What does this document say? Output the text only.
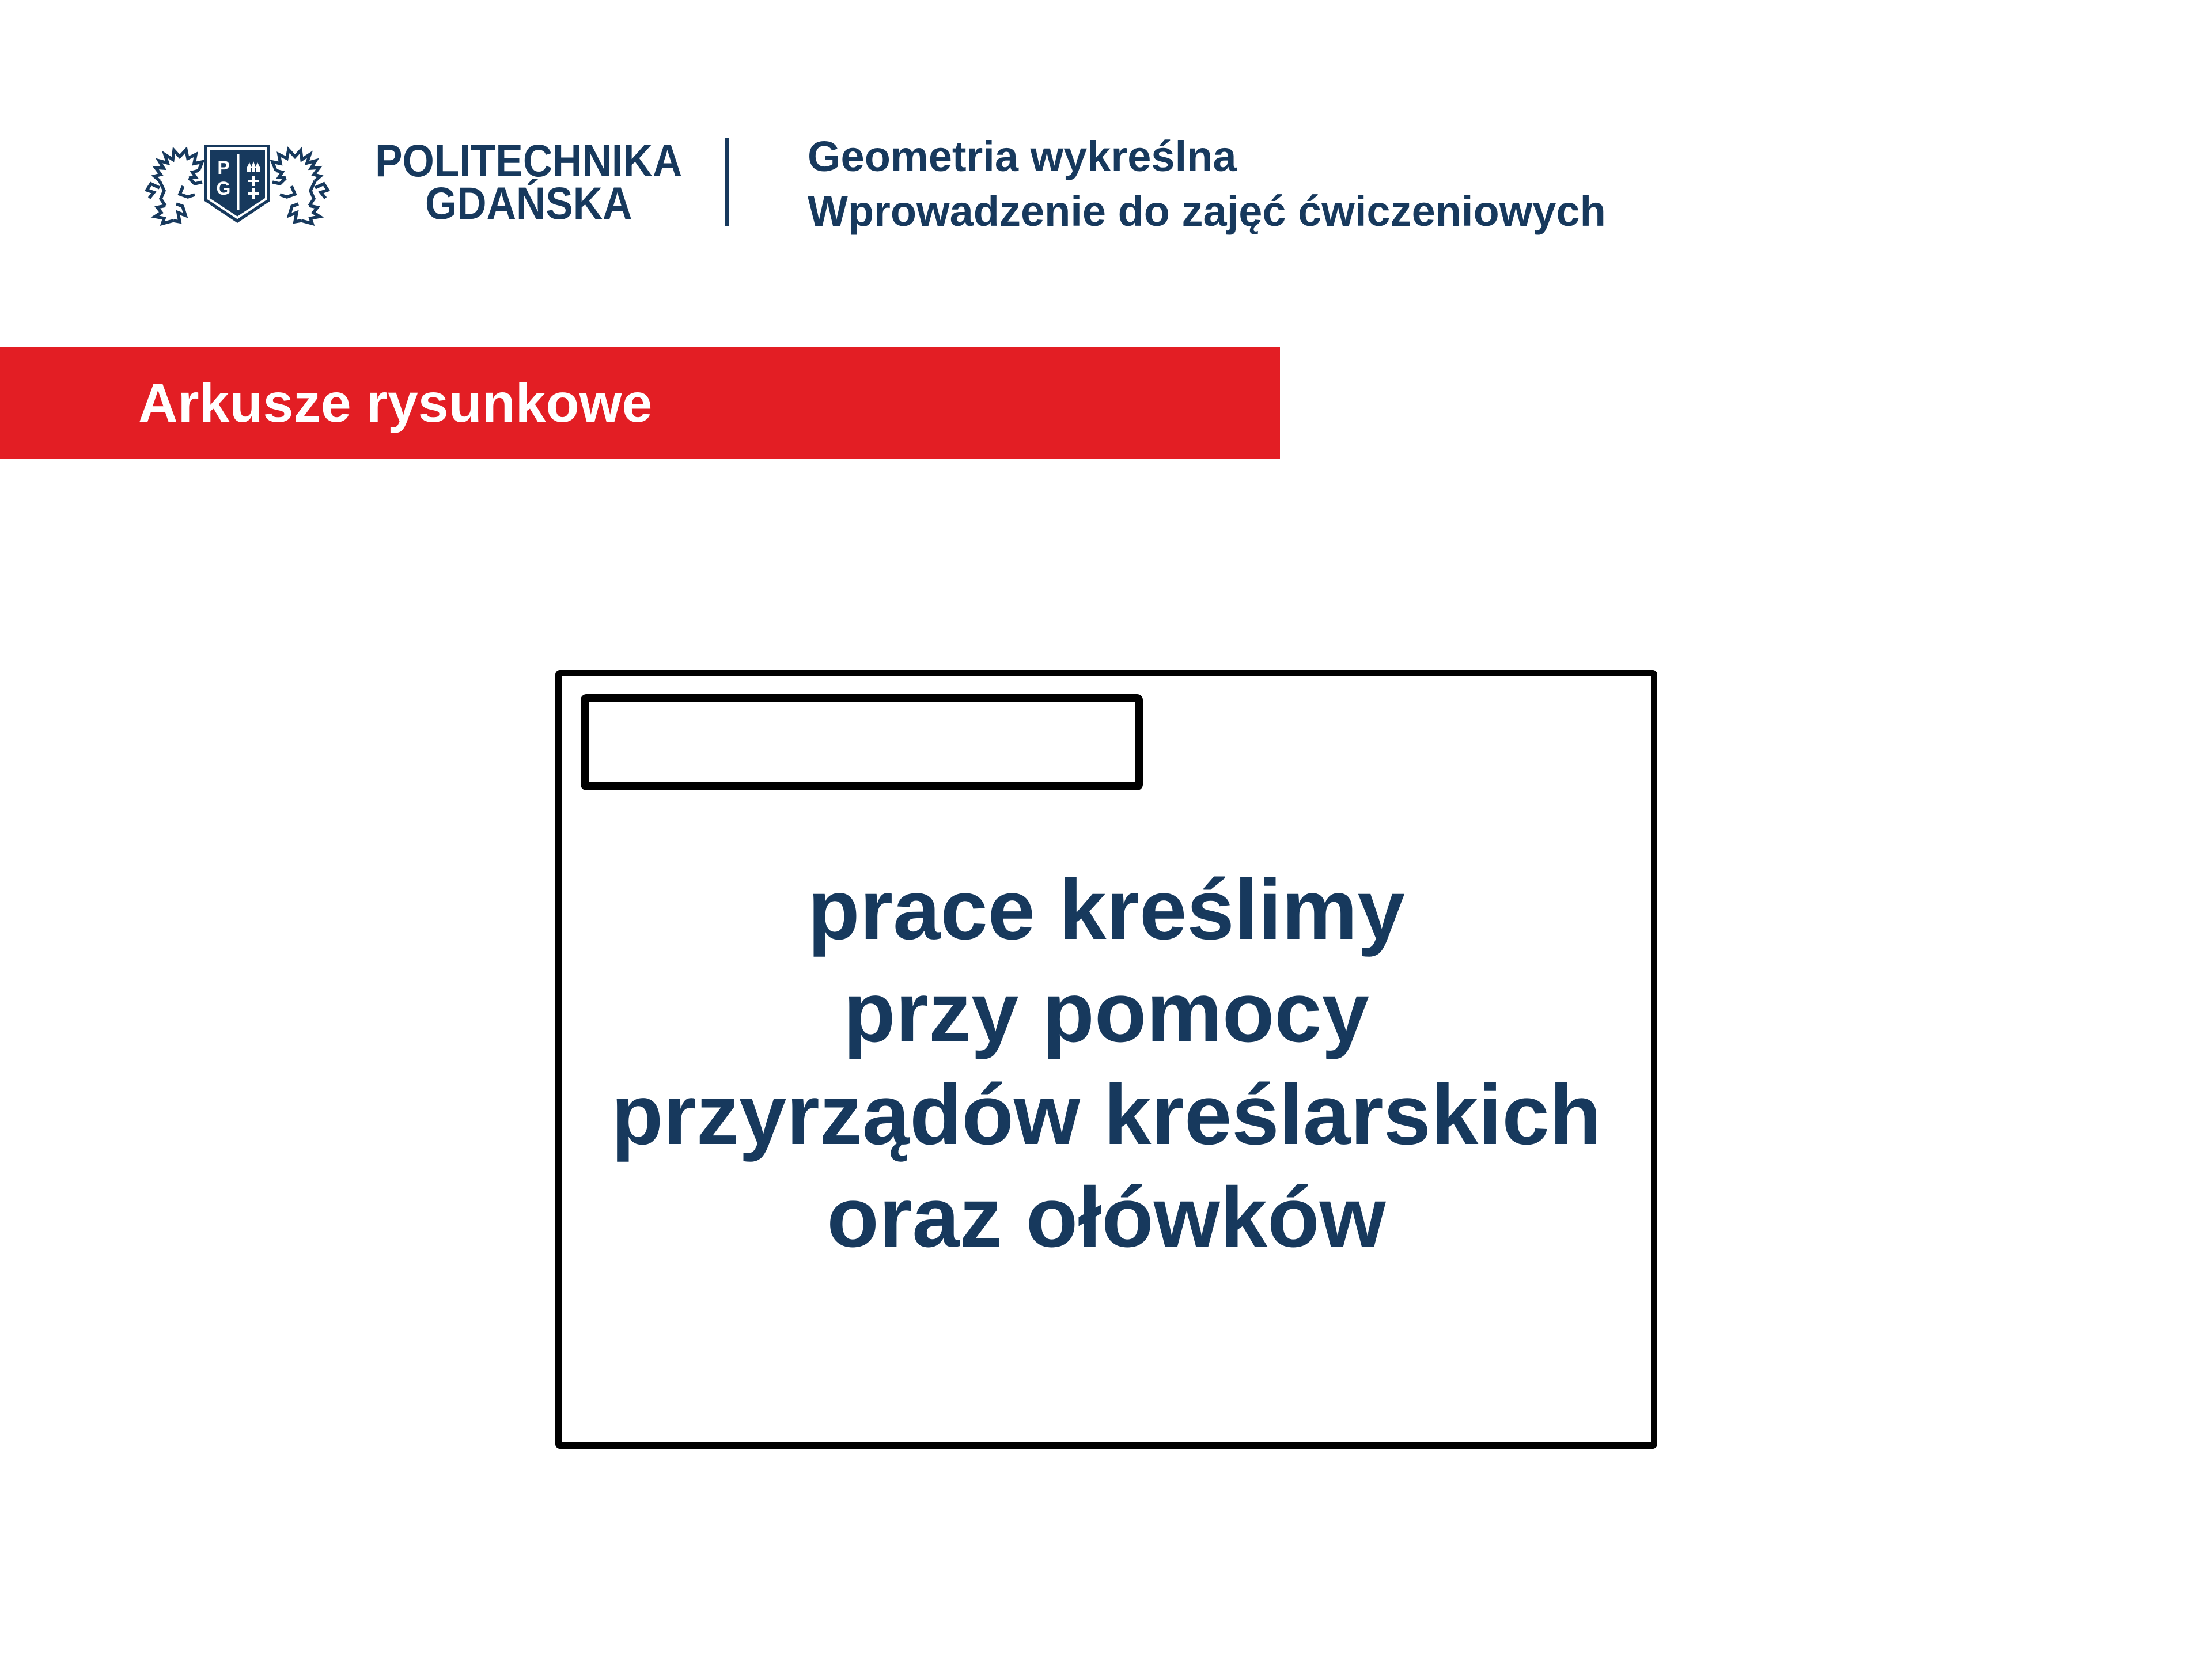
P
G
POLITECHNIKA
GDAŃSKA
Geometria wykreślna
Wprowadzenie do zajęć ćwiczeniowych
Arkusze rysunkowe
prace kreślimy
przy pomocy
przyrządów kreślarskich
oraz ołówków
